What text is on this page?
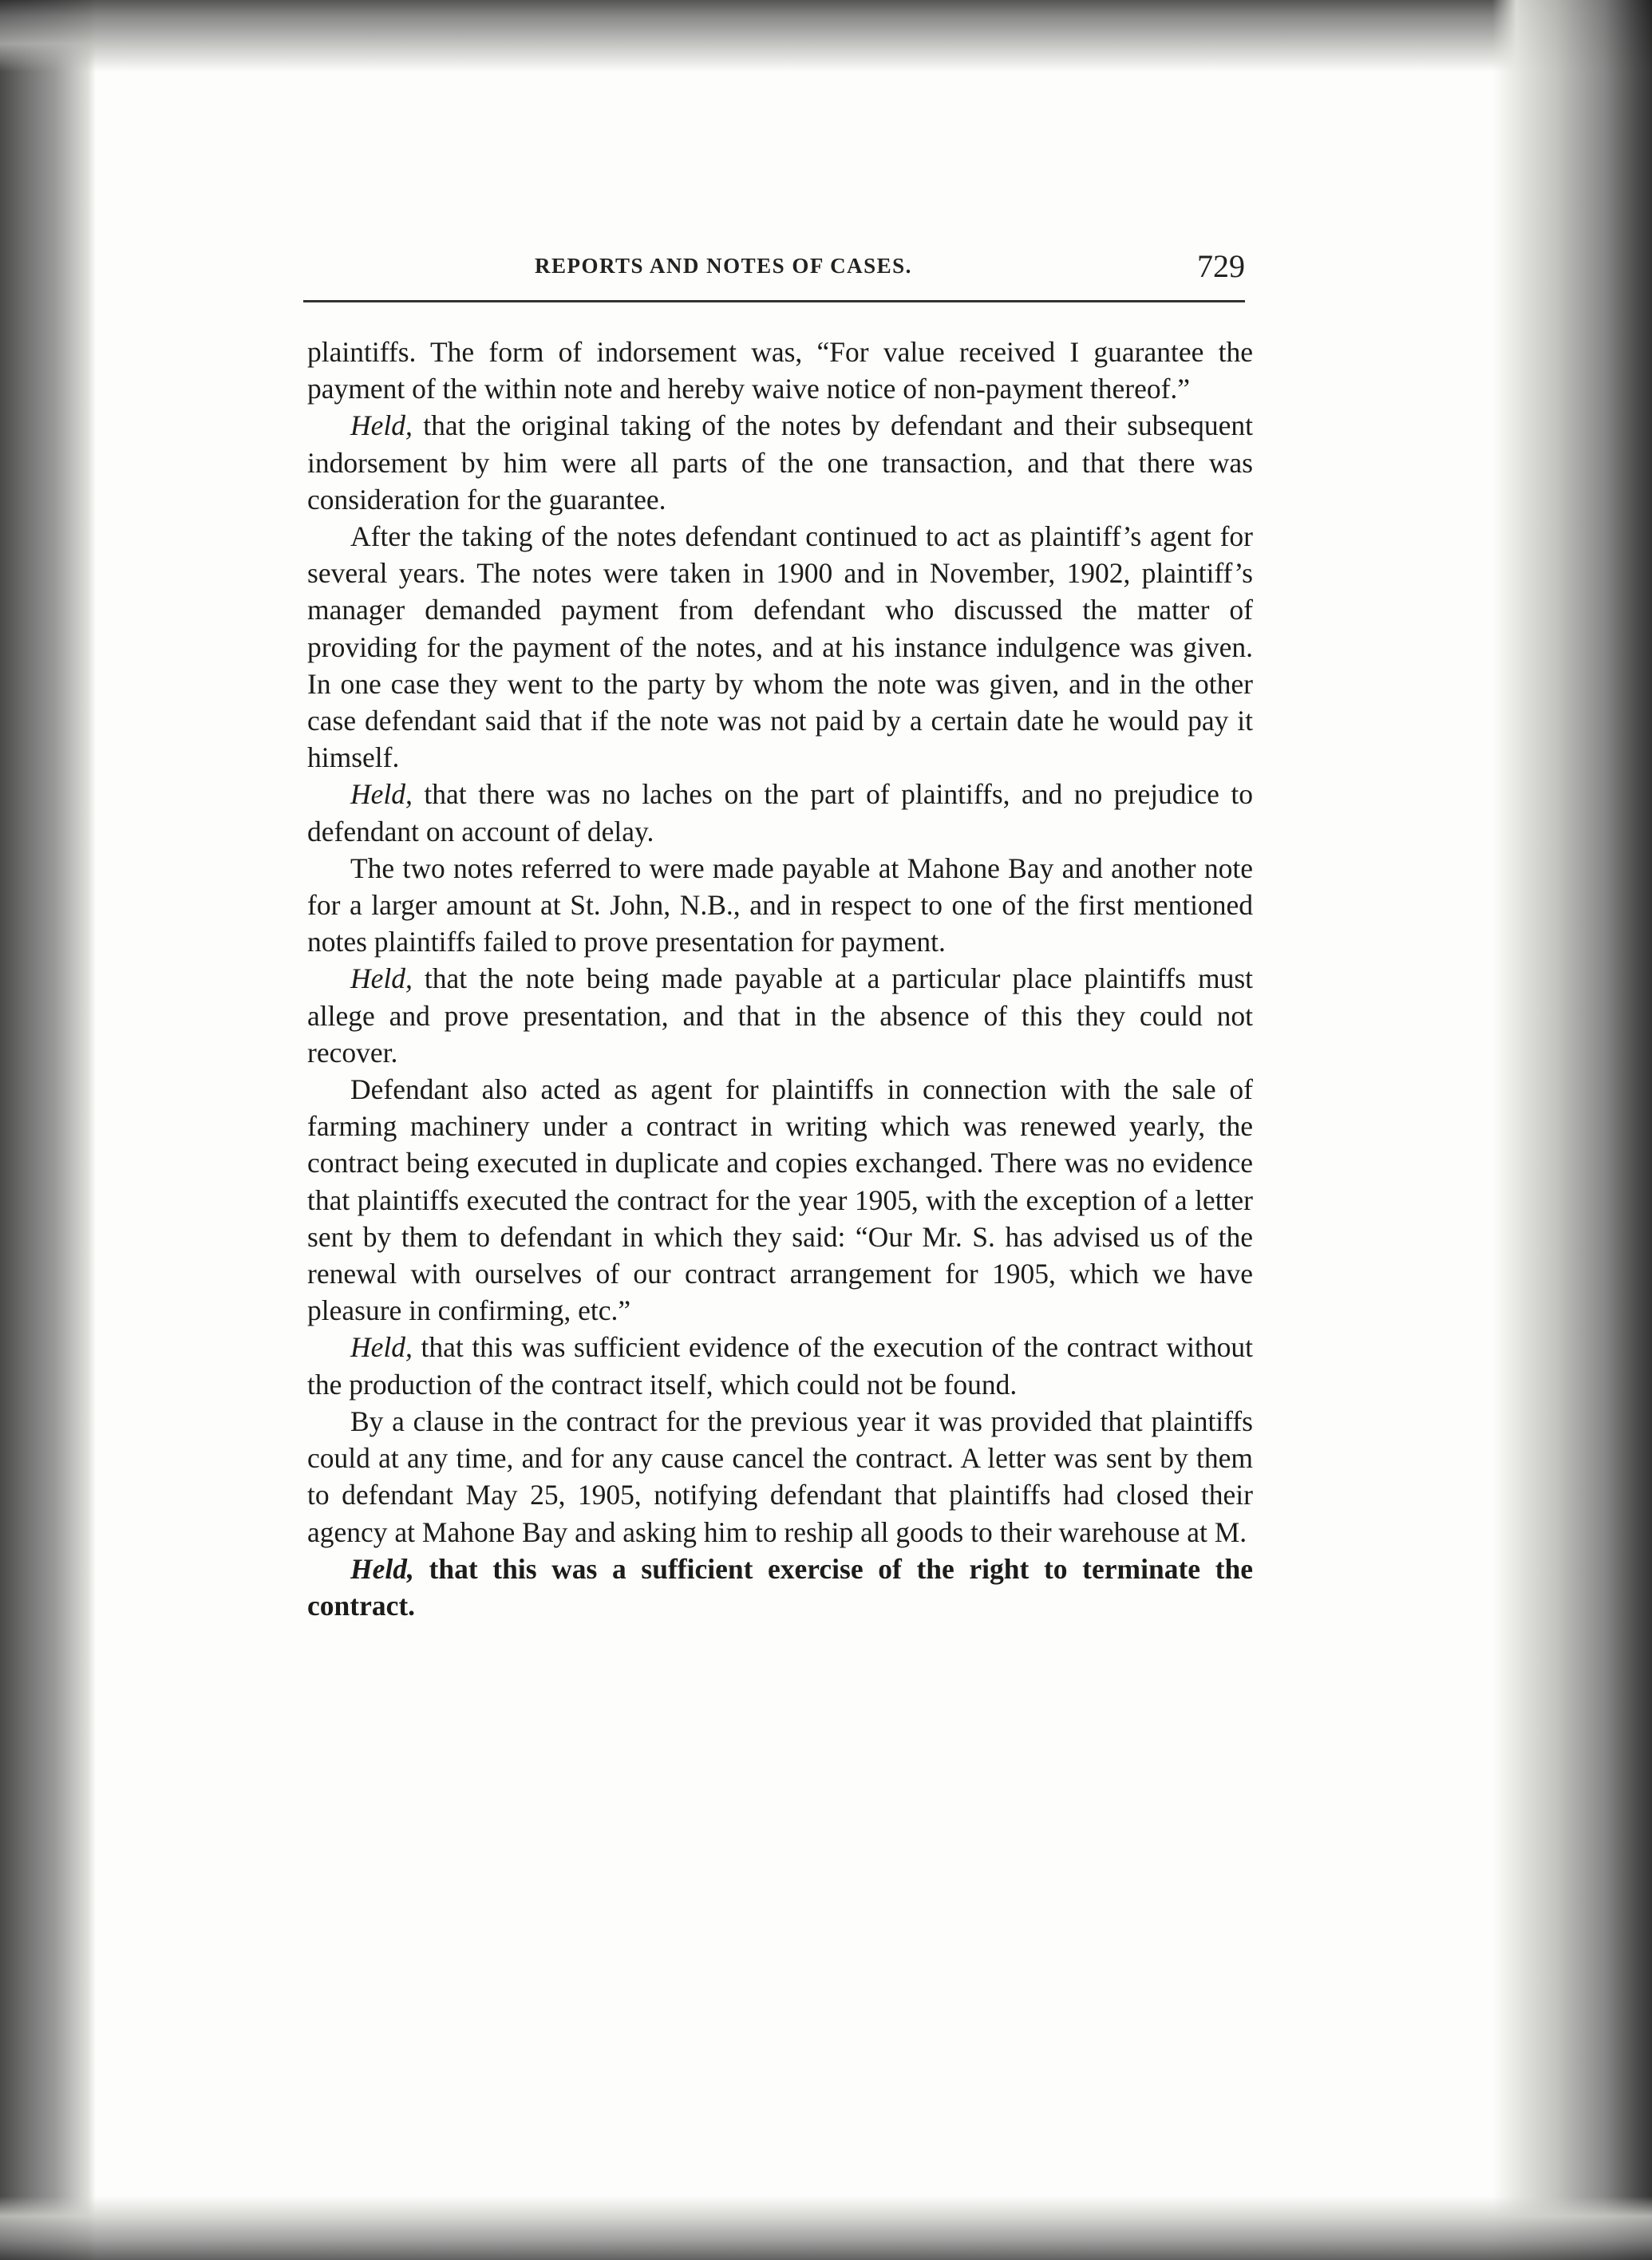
REPORTS AND NOTES OF CASES.	729

plaintiffs. The form of indorsement was, “For value received I guarantee the payment of the within note and hereby waive notice of non-payment thereof.”

Held, that the original taking of the notes by defendant and their subsequent indorsement by him were all parts of the one transaction, and that there was consideration for the guarantee.

After the taking of the notes defendant continued to act as plaintiff’s agent for several years. The notes were taken in 1900 and in November, 1902, plaintiff’s manager demanded payment from defendant who discussed the matter of providing for the payment of the notes, and at his instance indulgence was given. In one case they went to the party by whom the note was given, and in the other case defendant said that if the note was not paid by a certain date he would pay it himself.

Held, that there was no laches on the part of plaintiffs, and no prejudice to defendant on account of delay.

The two notes referred to were made payable at Mahone Bay and another note for a larger amount at St. John, N.B., and in respect to one of the first mentioned notes plaintiffs failed to prove presentation for payment.

Held, that the note being made payable at a particular place plaintiffs must allege and prove presentation, and that in the absence of this they could not recover.

Defendant also acted as agent for plaintiffs in connection with the sale of farming machinery under a contract in writing which was renewed yearly, the contract being executed in duplicate and copies exchanged. There was no evidence that plaintiffs executed the contract for the year 1905, with the exception of a letter sent by them to defendant in which they said: “Our Mr. S. has advised us of the renewal with ourselves of our contract arrangement for 1905, which we have pleasure in confirming, etc.”

Held, that this was sufficient evidence of the execution of the contract without the production of the contract itself, which could not be found.

By a clause in the contract for the previous year it was provided that plaintiffs could at any time, and for any cause cancel the contract. A letter was sent by them to defendant May 25, 1905, notifying defendant that plaintiffs had closed their agency at Mahone Bay and asking him to reship all goods to their warehouse at M.

Held, that this was a sufficient exercise of the right to terminate the contract.
